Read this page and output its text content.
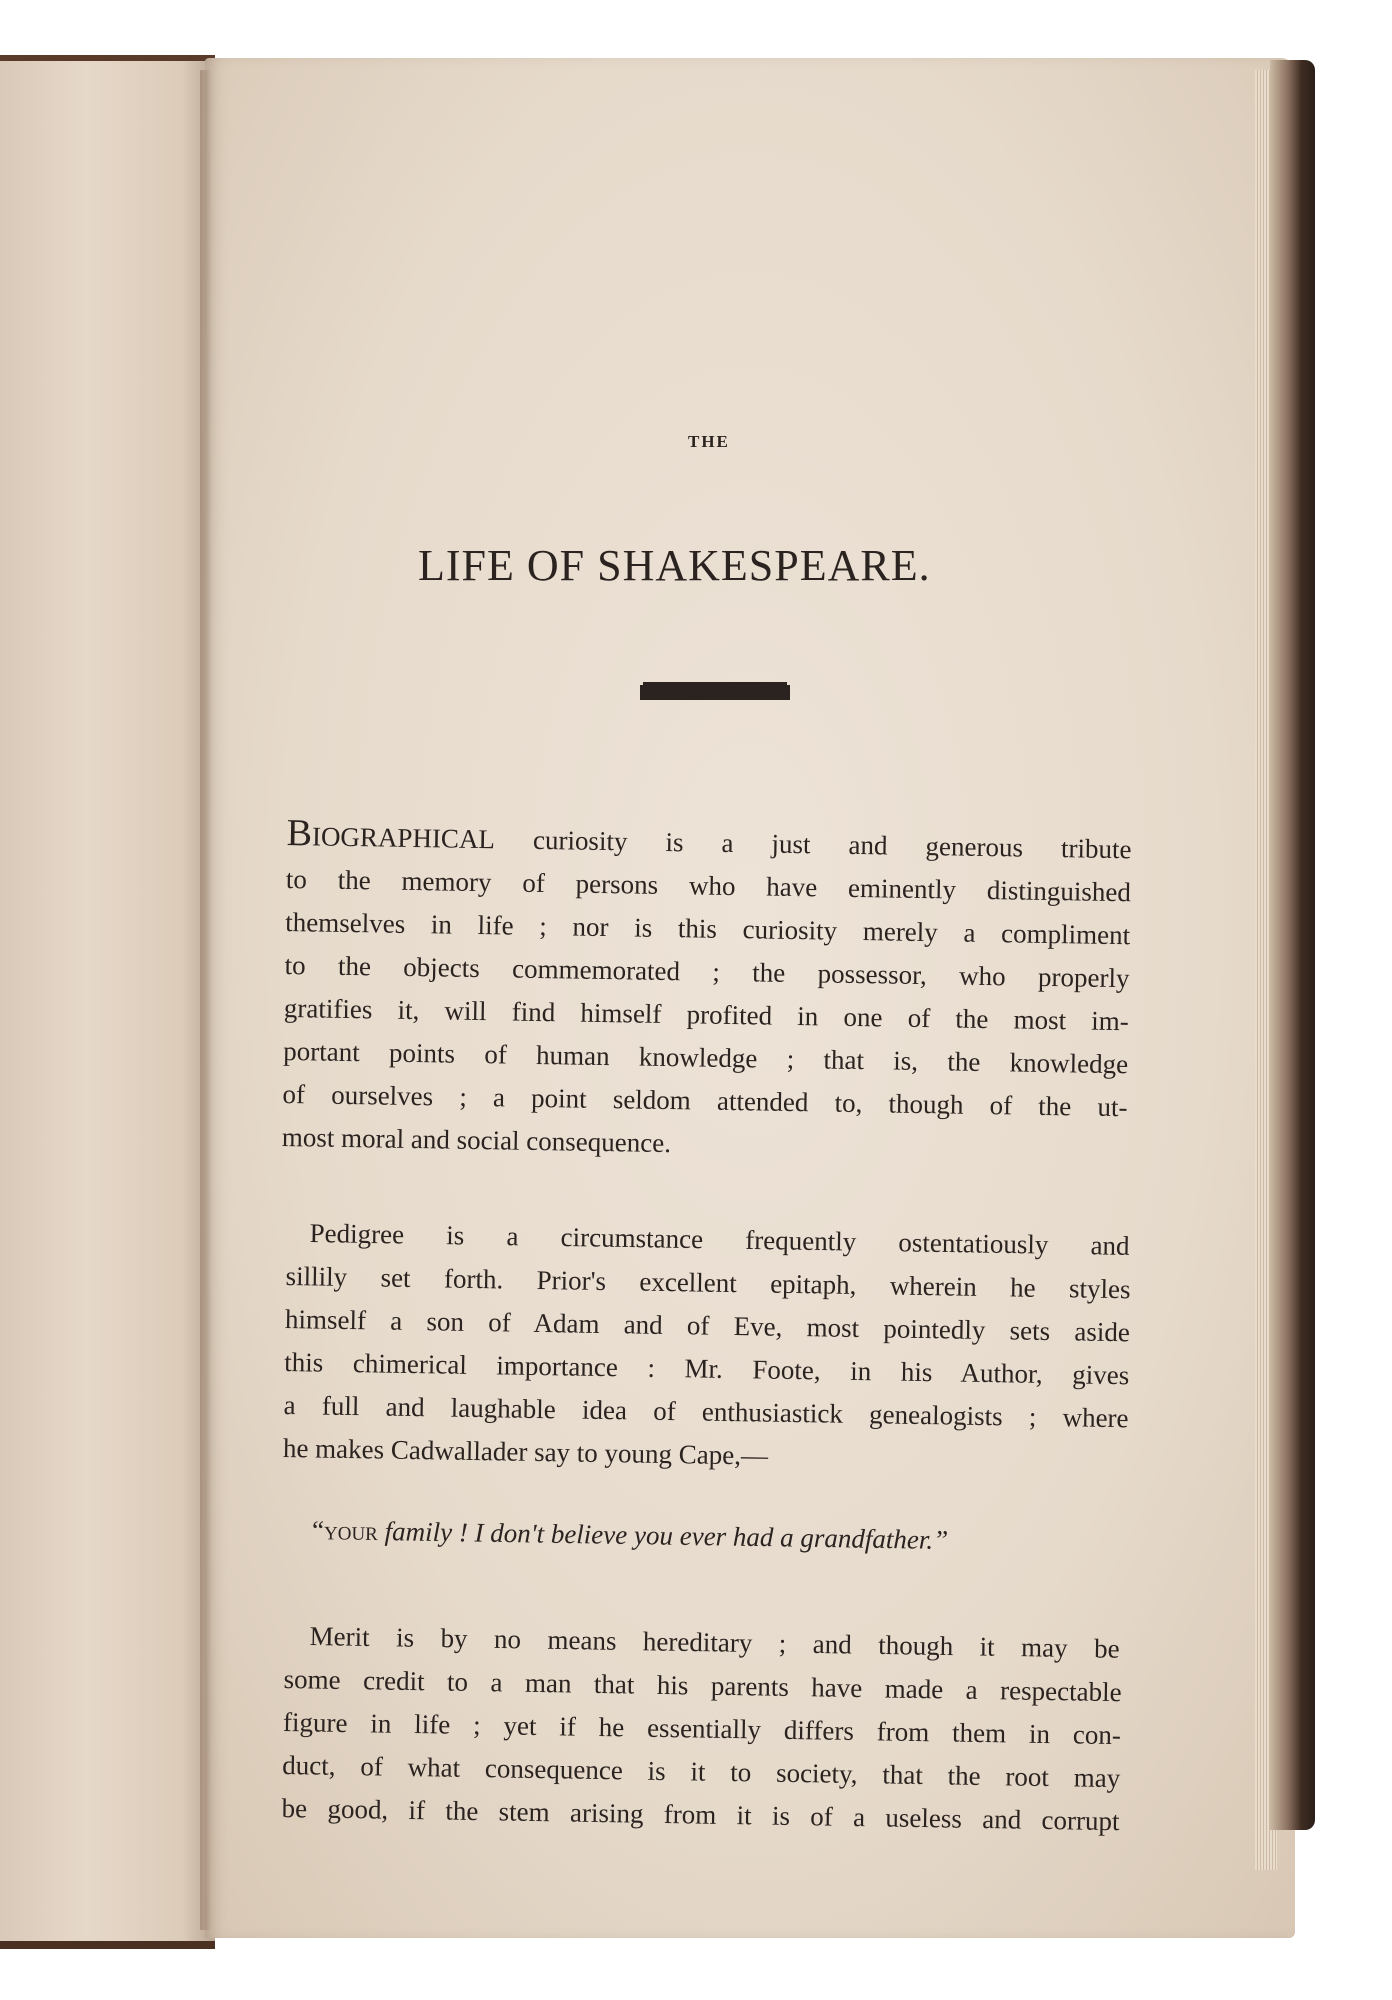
THE
LIFE OF SHAKESPEARE.
Biographical curiosity is a just and generous tribute
to the memory of persons who have eminently distinguished
themselves in life ; nor is this curiosity merely a compliment
to the objects commemorated ; the possessor, who properly
gratifies it, will find himself profited in one of the most im-
portant points of human knowledge ; that is, the knowledge
of ourselves ; a point seldom attended to, though of the ut-
most moral and social consequence.
Pedigree is a circumstance frequently ostentatiously and
sillily set forth. Prior's excellent epitaph, wherein he styles
himself a son of Adam and of Eve, most pointedly sets aside
this chimerical importance : Mr. Foote, in his Author, gives
a full and laughable idea of enthusiastick genealogists ; where
he makes Cadwallader say to young Cape,—
“your family ! I don't believe you ever had a grandfather.”
Merit is by no means hereditary ; and though it may be
some credit to a man that his parents have made a respectable
figure in life ; yet if he essentially differs from them in con-
duct, of what consequence is it to society, that the root may
be good, if the stem arising from it is of a useless and corrupt
